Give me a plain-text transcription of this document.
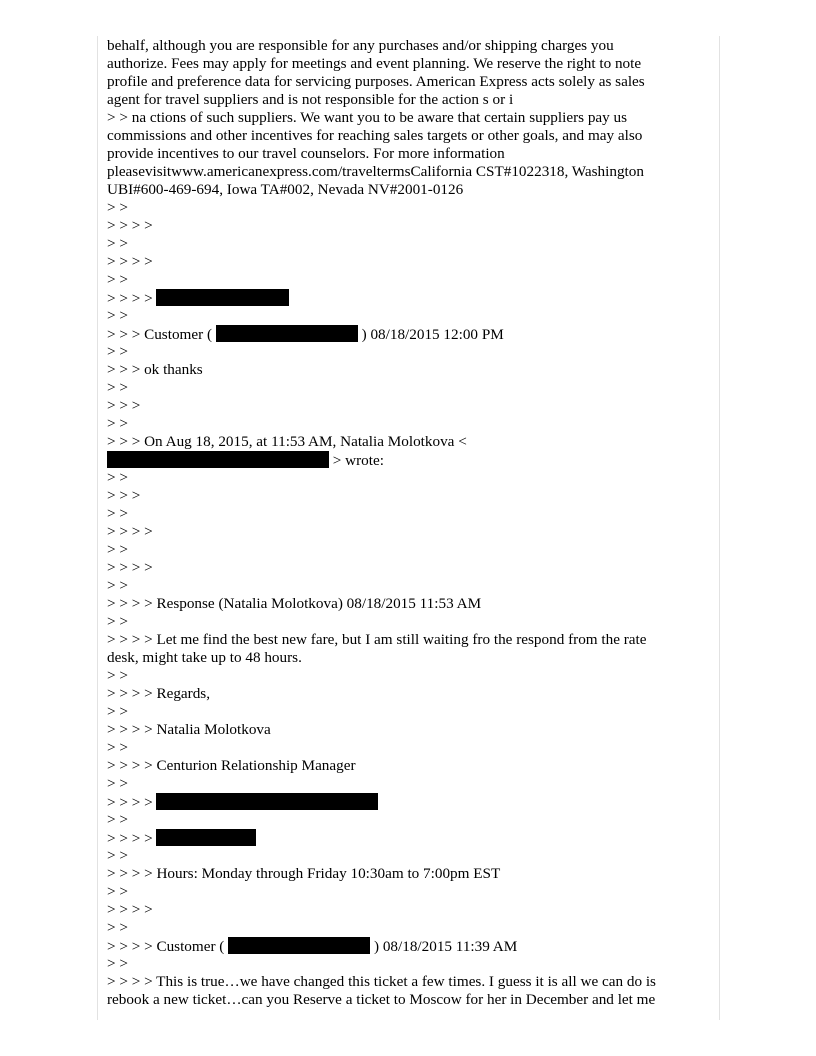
behalf, although you are responsible for any purchases and/or shipping charges you
authorize. Fees may apply for meetings and event planning. We reserve the right to note
profile and preference data for servicing purposes. American Express acts solely as sales
agent for travel suppliers and is not responsible for the action s or i
> > na ctions of such suppliers. We want you to be aware that certain suppliers pay us
commissions and other incentives for reaching sales targets or other goals, and may also
provide incentives to our travel counselors. For more information
pleasevisitwww.americanexpress.com/traveltermsCalifornia CST#1022318, Washington
UBI#600-469-694, Iowa TA#002, Nevada NV#2001-0126
> >
> > > >
> >
> > > >
> >
> > > >
> >
> > > Customer (	) 08/18/2015 12:00 PM
> >
> > > ok thanks
> >
> > >
> >
> > > On Aug 18, 2015, at 11:53 AM, Natalia Molotkova <
> wrote:
> >
> > >
> >
> > > >
> >
> > > >
> >
> > > > Response (Natalia Molotkova) 08/18/2015 11:53 AM
> >
> > > > Let me find the best new fare, but I am still waiting fro the respond from the rate
desk, might take up to 48 hours.
> >
> > > > Regards,
> >
> > > > Natalia Molotkova
> >
> > > > Centurion Relationship Manager
> >
> > > >
> >
> > > >
> >
> > > > Hours: Monday through Friday 10:30am to 7:00pm EST
> >
> > > >
> >
> > > > Customer (	) 08/18/2015 11:39 AM
> >
> > > > This is true…we have changed this ticket a few times. I guess it is all we can do is
rebook a new ticket…can you Reserve a ticket to Moscow for her in December and let me
